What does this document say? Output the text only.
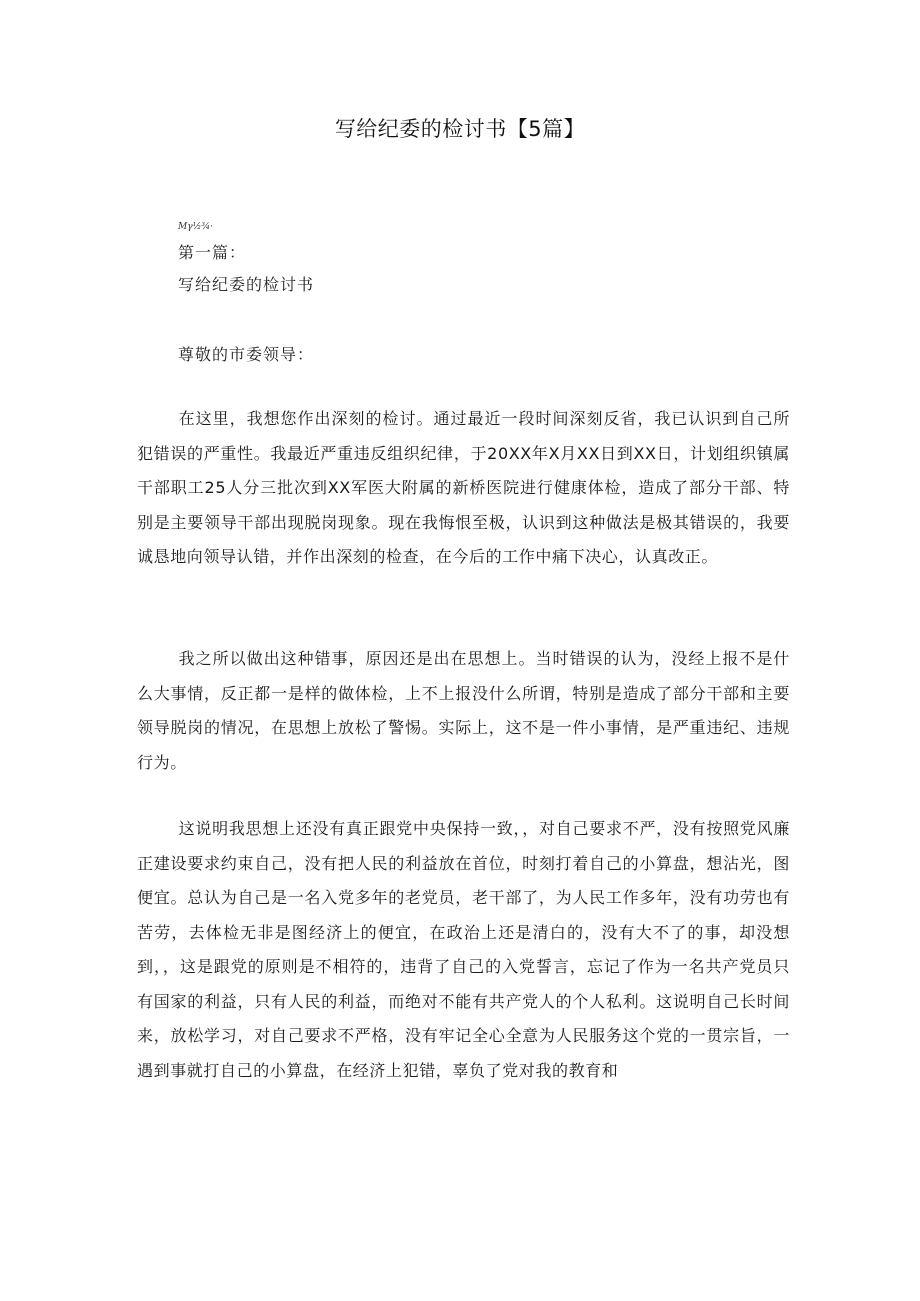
写给纪委的检讨书【5篇】
Mγ½¾·
第一篇：
写给纪委的检讨书
尊敬的市委领导：

在这里，我想您作出深刻的检讨。通过最近一段时间深刻反省，我已认识到自己所犯错误的严重性。我最近严重违反组织纪律，于20XX年X月XX日到XX日，计划组织镇属干部职工25人分三批次到XX军医大附属的新桥医院进行健康体检，造成了部分干部、特别是主要领导干部出现脱岗现象。现在我悔恨至极，认识到这种做法是极其错误的，我要诚恳地向领导认错，并作出深刻的检查，在今后的工作中痛下决心，认真改正。

我之所以做出这种错事，原因还是出在思想上。当时错误的认为，没经上报不是什么大事情，反正都一是样的做体检，上不上报没什么所谓，特别是造成了部分干部和主要领导脱岗的情况，在思想上放松了警惕。实际上，这不是一件小事情，是严重违纪、违规行为。

这说明我思想上还没有真正跟党中央保持一致，，对自己要求不严，没有按照党风廉正建设要求约束自己，没有把人民的利益放在首位，时刻打着自己的小算盘，想沾光，图便宜。总认为自己是一名入党多年的老党员，老干部了，为人民工作多年，没有功劳也有苦劳，去体检无非是图经济上的便宜，在政治上还是清白的，没有大不了的事，却没想到，，这是跟党的原则是不相符的，违背了自己的入党誓言，忘记了作为一名共产党员只有国家的利益，只有人民的利益，而绝对不能有共产党人的个人私利。这说明自己长时间来，放松学习，对自己要求不严格，没有牢记全心全意为人民服务这个党的一贯宗旨，一遇到事就打自己的小算盘，在经济上犯错，辜负了党对我的教育和
